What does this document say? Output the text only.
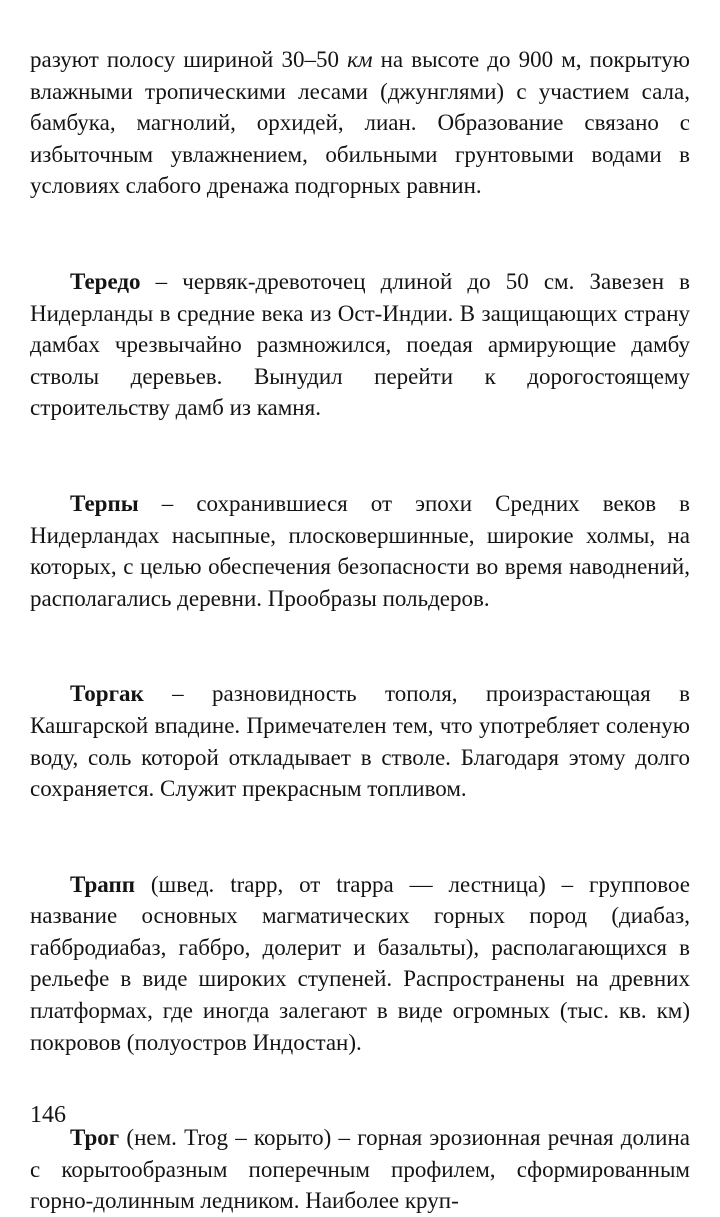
разуют полосу шириной 30–50 км на высоте до 900 м, покрытую влажными тропическими лесами (джунглями) с участием сала, бамбука, магнолий, орхидей, лиан. Образование связано с избыточным увлажнением, обильными грунтовыми водами в условиях слабого дренажа подгорных равнин.

Тередо – червяк-древоточец длиной до 50 см. Завезен в Нидерланды в средние века из Ост-Индии. В защищающих страну дамбах чрезвычайно размножился, поедая армирующие дамбу стволы деревьев. Вынудил перейти к дорогостоящему строительству дамб из камня.

Терпы – сохранившиеся от эпохи Средних веков в Нидерландах насыпные, плосковершинные, широкие холмы, на которых, с целью обеспечения безопасности во время наводнений, располагались деревни. Прообразы польдеров.

Торгак – разновидность тополя, произрастающая в Кашгарской впадине. Примечателен тем, что употребляет соленую воду, соль которой откладывает в стволе. Благодаря этому долго сохраняется. Служит прекрасным топливом.

Трапп (швед. trapp, от trappa — лестница) – групповое название основных магматических горных пород (диабаз, габбродиабаз, габбро, долерит и базальты), располагающихся в рельефе в виде широких ступеней. Распространены на древних платформах, где иногда залегают в виде огромных (тыс. кв. км) покровов (полуостров Индостан).

Трог (нем. Trog – корыто) – горная эрозионная речная долина с корытообразным поперечным профилем, сформированным горно-долинным ледником. Наиболее круп-

146
